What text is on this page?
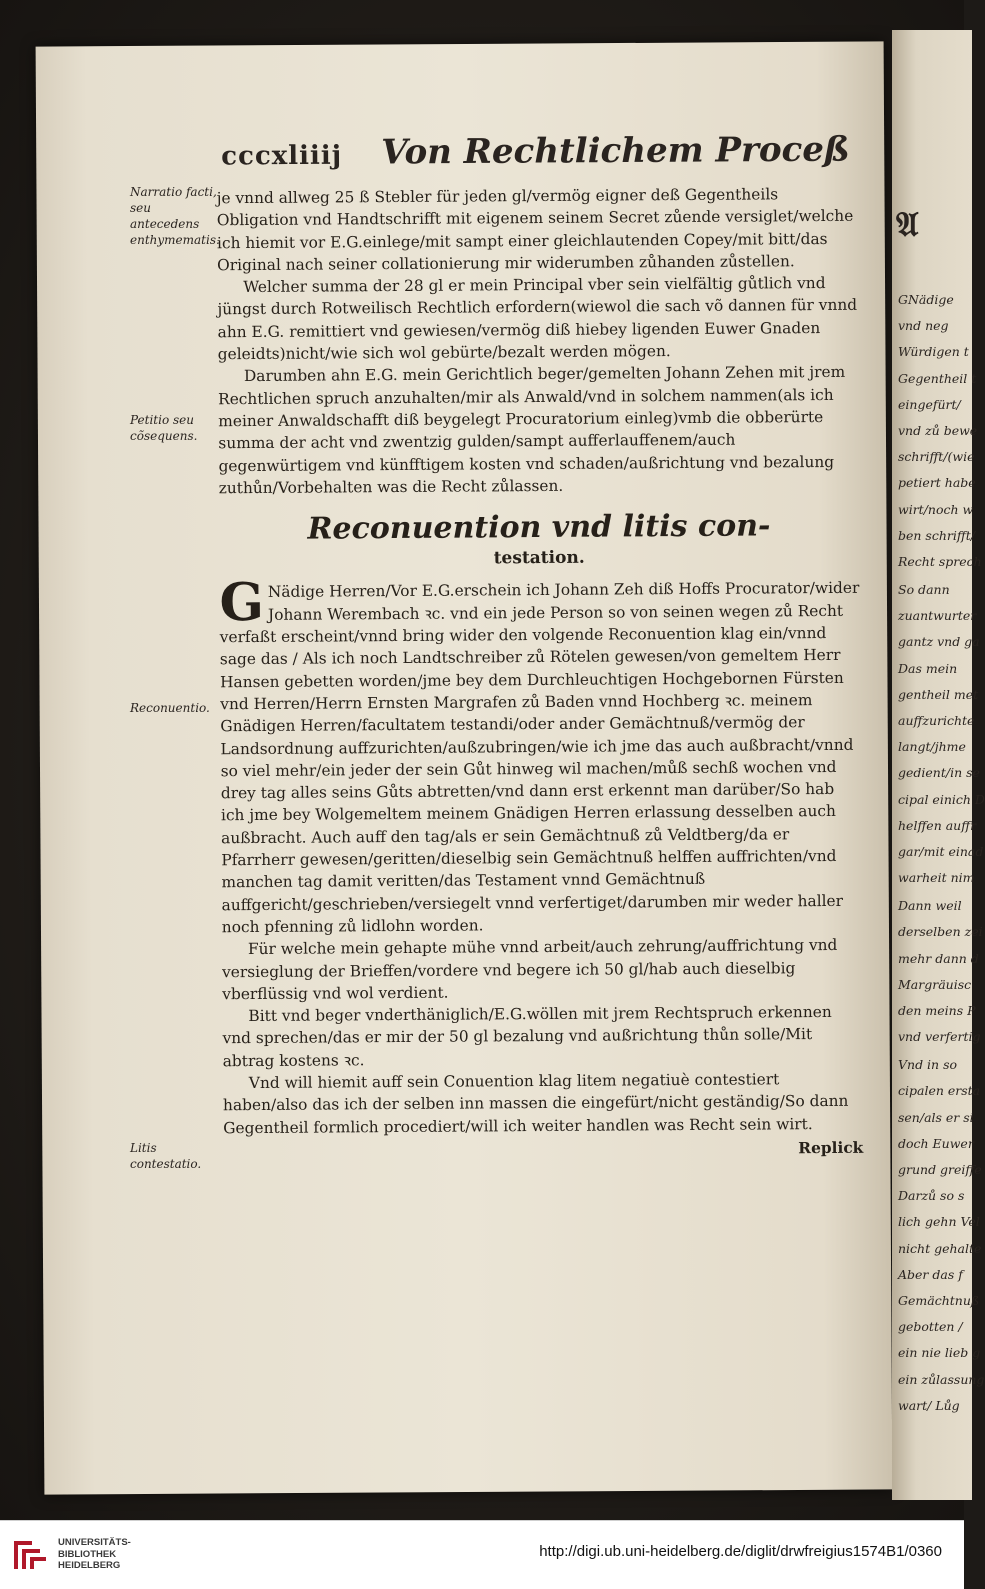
cccxliiij Von Rechtlichem Proceß
Narratio facti, seu antecedens enthymematis.
Petitio seu cõsequens.
Reconuentio.
Litis contestatio.

je vnnd allweg 25 ß Stebler für jeden gl/vermög eigner deß Gegentheils Obligation vnd Handtschrifft mit eigenem seinem Secret zůende versiglet/welche ich hiemit vor E.G.einlege/mit sampt einer gleichlautenden Copey/mit bitt/das Original nach seiner collationierung mir widerumben zůhanden zůstellen.

Welcher summa der 28 gl er mein Principal vber sein vielfältig gůtlich vnd jüngst durch Rotweilisch Rechtlich erfordern(wiewol die sach võ dannen für vnnd ahn E.G. remittiert vnd gewiesen/vermög diß hiebey ligenden Euwer Gnaden geleidts)nicht/wie sich wol gebürte/bezalt werden mögen.

Darumben ahn E.G. mein Gerichtlich beger/gemelten Johann Zehen mit jrem Rechtlichen spruch anzuhalten/mir als Anwald/vnd in solchem nammen(als ich meiner Anwaldschafft diß beygelegt Procuratorium einleg)vmb die obberürte summa der acht vnd zwentzig gulden/sampt aufferlauffenem/auch gegenwürtigem vnd künfftigem kosten vnd schaden/außrichtung vnd bezalung zuthůn/Vorbehalten was die Recht zůlassen.

Reconuention vnd litis con-
testation.

G Nädige Herren/Vor E.G.erschein ich Johann Zeh diß Hoffs Procurator/wider Johann Werembach ꝛc. vnd ein jede Person so von seinen wegen zů Recht verfaßt erscheint/vnnd bring wider den volgende Reconuention klag ein/vnnd sage das / Als ich noch Landtschreiber zů Rötelen gewesen/von gemeltem Herr Hansen gebetten worden/jme bey dem Durchleuchtigen Hochgebornen Fürsten vnd Herren/Herrn Ernsten Margrafen zů Baden vnnd Hochberg ꝛc. meinem Gnädigen Herren/facultatem testandi/oder ander Gemächtnuß/vermög der Landsordnung auffzurichten/außzubringen/wie ich jme das auch außbracht/vnnd so viel mehr/ein jeder der sein Gůt hinweg wil machen/můß sechß wochen vnd drey tag alles seins Gůts abtretten/vnd dann erst erkennt man darüber/So hab ich jme bey Wolgemeltem meinem Gnädigen Herren erlassung desselben auch außbracht. Auch auff den tag/als er sein Gemächtnuß zů Veldtberg/da er Pfarrherr gewesen/geritten/dieselbig sein Gemächtnuß helffen auffrichten/vnd manchen tag damit veritten/das Testament vnnd Gemächtnuß auffgericht/geschrieben/versiegelt vnnd verfertiget/darumben mir weder haller noch pfenning zů lidlohn worden.

Für welche mein gehapte mühe vnnd arbeit/auch zehrung/auffrichtung vnd versieglung der Brieffen/vordere vnd begere ich 50 gl/hab auch dieselbig vberflüssig vnd wol verdient.

Bitt vnd beger vnderthäniglich/E.G.wöllen mit jrem Rechtspruch erkennen vnd sprechen/das er mir der 50 gl bezalung vnd außrichtung thůn solle/Mit abtrag kostens ꝛc.

Vnd will hiemit auff sein Conuention klag litem negatiuè contestiert haben/also das ich der selben inn massen die eingefürt/nicht geständig/So dann Gegentheil formlich procediert/will ich weiter handlen was Recht sein wirt.

Replick
𝔄
GNädige
vnd neg
Würdigen t
Gegentheil t
eingefürt/
vnd zů bewe
schrifft/(wie
petiert habe
wirt/noch w
ben schrifft/
Recht sprech
So dann
zuantwurter
gantz vnd ga
Das mein
gentheil met
auffzurichte
langt/jhme
gedient/in se
cipal einich D
helffen auffr
gar/mit einad
warheit nim
Dann weil
derselben zei
mehr dann d
Margräuisc
den meins P
vnd verfertig
Vnd in so
cipalen ersta
sen/als er si
doch Euwer
grund greiffe
Darzů so s
lich gehn Vel
nicht gehalte
Aber das f
Gemächtnuß
gebotten /
ein nie lieb g
ein zůlassung
wart/ Lůg
UNIVERSITÄTS-
BIBLIOTHEK
HEIDELBERG
http://digi.ub.uni-heidelberg.de/diglit/drwfreigius1574B1/0360
